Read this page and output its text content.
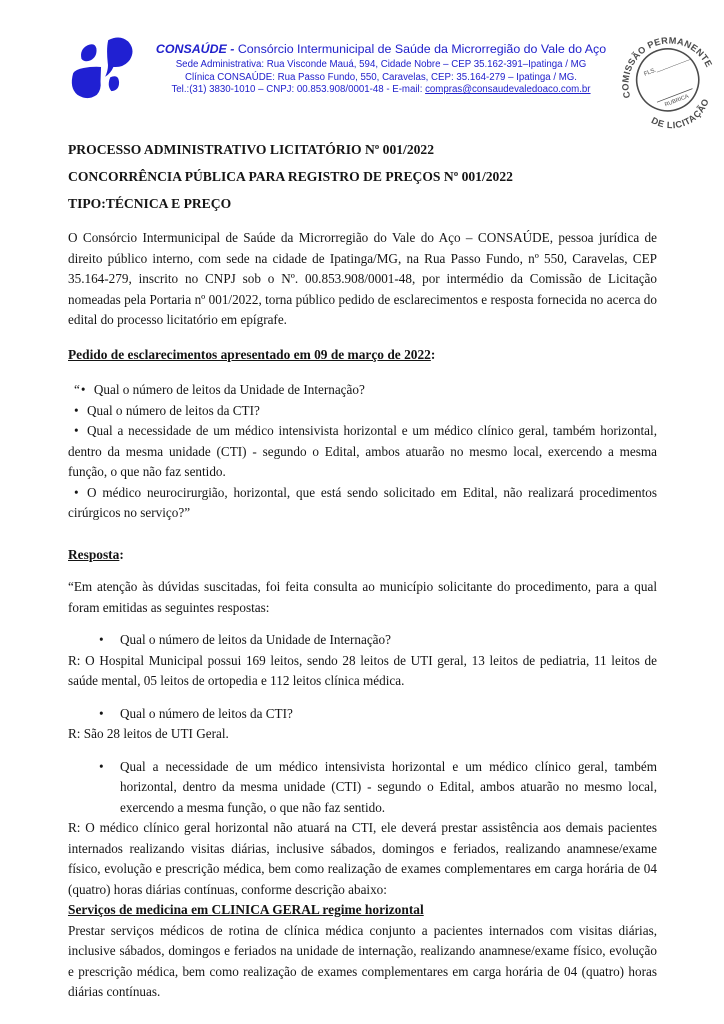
CONSAÚDE - Consórcio Intermunicipal de Saúde da Microrregião do Vale do Aço
Sede Administrativa: Rua Visconde Mauá, 594, Cidade Nobre – CEP 35.162-391–Ipatinga / MG
Clínica CONSAÚDE: Rua Passo Fundo, 550, Caravelas, CEP: 35.164-279 – Ipatinga / MG.
Tel.:(31) 3830-1010 – CNPJ: 00.853.908/0001-48 - E-mail: compras@consaudevaledoaco.com.br	COMISSÃO PERMANENTE
DE LICITAÇÃO
FLS.___________
RUBRICA

PROCESSO ADMINISTRATIVO LICITATÓRIO Nº 001/2022

CONCORRÊNCIA PÚBLICA PARA REGISTRO DE PREÇOS Nº 001/2022

TIPO:TÉCNICA E PREÇO

O Consórcio Intermunicipal de Saúde da Microrregião do Vale do Aço – CONSAÚDE, pessoa jurídica de direito público interno, com sede na cidade de Ipatinga/MG, na Rua Passo Fundo, nº 550, Caravelas, CEP 35.164-279, inscrito no CNPJ sob o Nº. 00.853.908/0001-48, por intermédio da Comissão de Licitação nomeadas pela Portaria nº 001/2022, torna público pedido de esclarecimentos e resposta fornecida no acerca do edital do processo licitatório em epígrafe.

Pedido de esclarecimentos apresentado em 09 de março de 2022:
“• Qual o número de leitos da Unidade de Internação?
• Qual o número de leitos da CTI?
• Qual a necessidade de um médico intensivista horizontal e um médico clínico geral, também horizontal, dentro da mesma unidade (CTI) - segundo o Edital, ambos atuarão no mesmo local, exercendo a mesma função, o que não faz sentido.
• O médico neurocirurgião, horizontal, que está sendo solicitado em Edital, não realizará procedimentos cirúrgicos no serviço?”
Resposta:

“Em atenção às dúvidas suscitadas, foi feita consulta ao município solicitante do procedimento, para a qual foram emitidas as seguintes respostas:

• Qual o número de leitos da Unidade de Internação?

R: O Hospital Municipal possui 169 leitos, sendo 28 leitos de UTI geral, 13 leitos de pediatria, 11 leitos de saúde mental, 05 leitos de ortopedia e 112 leitos clínica médica.

• Qual o número de leitos da CTI?

R: São 28 leitos de UTI Geral.

• Qual a necessidade de um médico intensivista horizontal e um médico clínico geral, também horizontal, dentro da mesma unidade (CTI) - segundo o Edital, ambos atuarão no mesmo local, exercendo a mesma função, o que não faz sentido.

R: O médico clínico geral horizontal não atuará na CTI, ele deverá prestar assistência aos demais pacientes internados realizando visitas diárias, inclusive sábados, domingos e feriados, realizando anamnese/exame físico, evolução e prescrição médica, bem como realização de exames complementares em carga horária de 04 (quatro) horas diárias contínuas, conforme descrição abaixo:

Serviços de medicina em CLINICA GERAL regime horizontal

Prestar serviços médicos de rotina de clínica médica conjunto a pacientes internados com visitas diárias, inclusive sábados, domingos e feriados na unidade de internação, realizando anamnese/exame físico, evolução e prescrição médica, bem como realização de exames complementares em carga horária de 04 (quatro) horas diárias contínuas.
